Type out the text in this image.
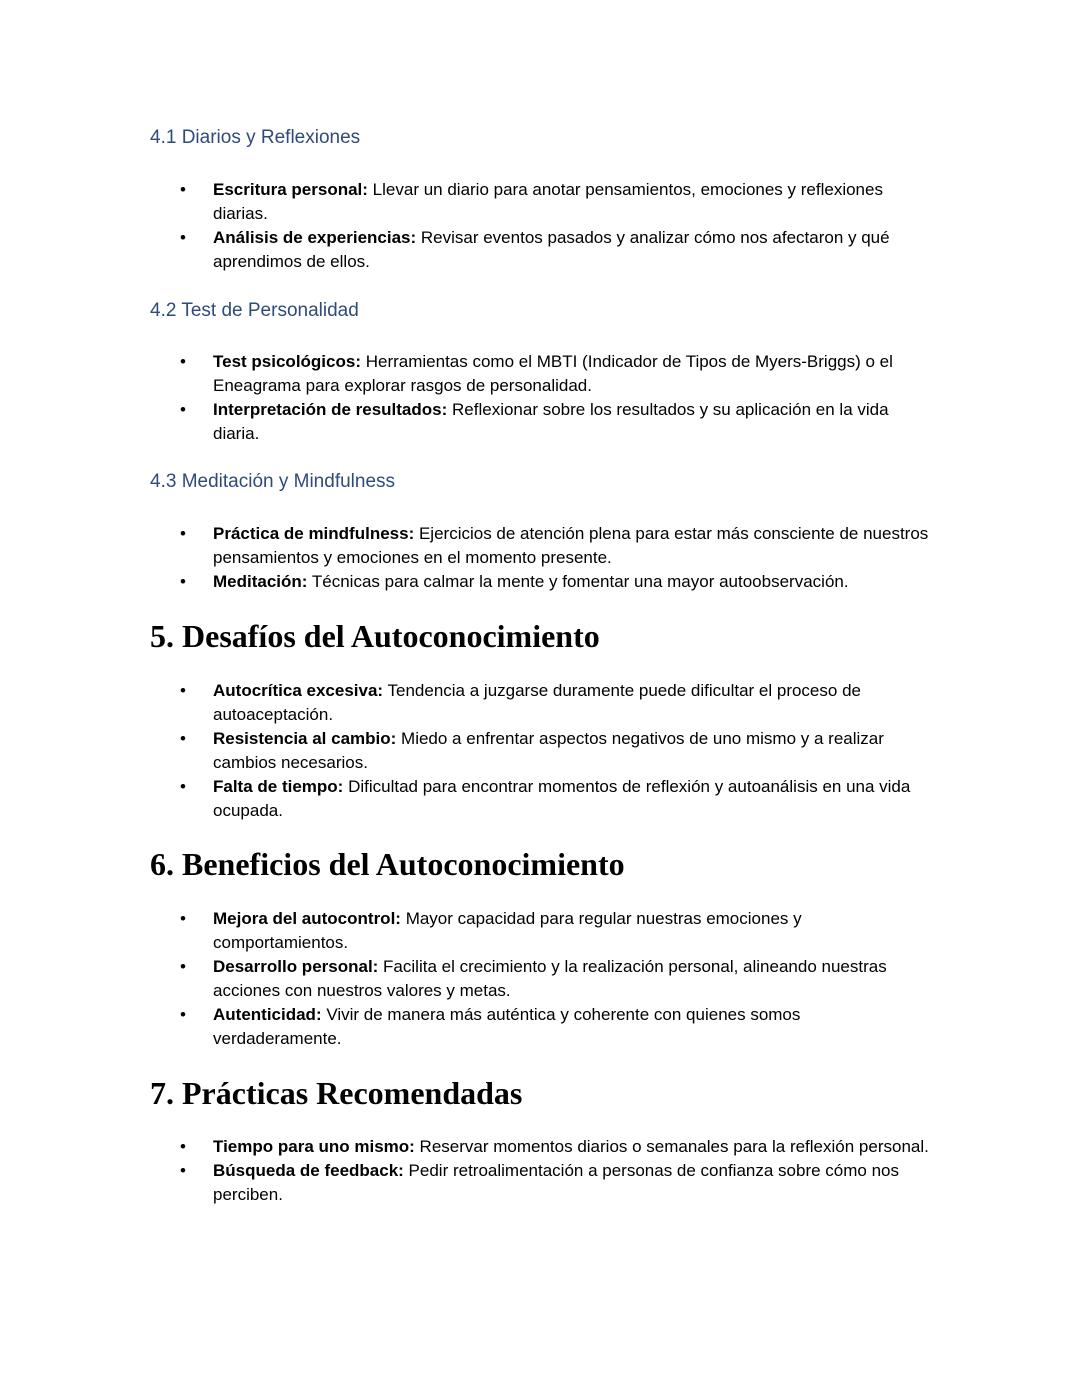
4.1 Diarios y Reflexiones
• Escritura personal: Llevar un diario para anotar pensamientos, emociones y reflexiones diarias.
• Análisis de experiencias: Revisar eventos pasados y analizar cómo nos afectaron y qué aprendimos de ellos.
4.2 Test de Personalidad
• Test psicológicos: Herramientas como el MBTI (Indicador de Tipos de Myers-Briggs) o el Eneagrama para explorar rasgos de personalidad.
• Interpretación de resultados: Reflexionar sobre los resultados y su aplicación en la vida diaria.
4.3 Meditación y Mindfulness
• Práctica de mindfulness: Ejercicios de atención plena para estar más consciente de nuestros pensamientos y emociones en el momento presente.
• Meditación: Técnicas para calmar la mente y fomentar una mayor autoobservación.
5. Desafíos del Autoconocimiento
• Autocrítica excesiva: Tendencia a juzgarse duramente puede dificultar el proceso de autoaceptación.
• Resistencia al cambio: Miedo a enfrentar aspectos negativos de uno mismo y a realizar cambios necesarios.
• Falta de tiempo: Dificultad para encontrar momentos de reflexión y autoanálisis en una vida ocupada.
6. Beneficios del Autoconocimiento
• Mejora del autocontrol: Mayor capacidad para regular nuestras emociones y comportamientos.
• Desarrollo personal: Facilita el crecimiento y la realización personal, alineando nuestras acciones con nuestros valores y metas.
• Autenticidad: Vivir de manera más auténtica y coherente con quienes somos verdaderamente.
7. Prácticas Recomendadas
• Tiempo para uno mismo: Reservar momentos diarios o semanales para la reflexión personal.
• Búsqueda de feedback: Pedir retroalimentación a personas de confianza sobre cómo nos perciben.
